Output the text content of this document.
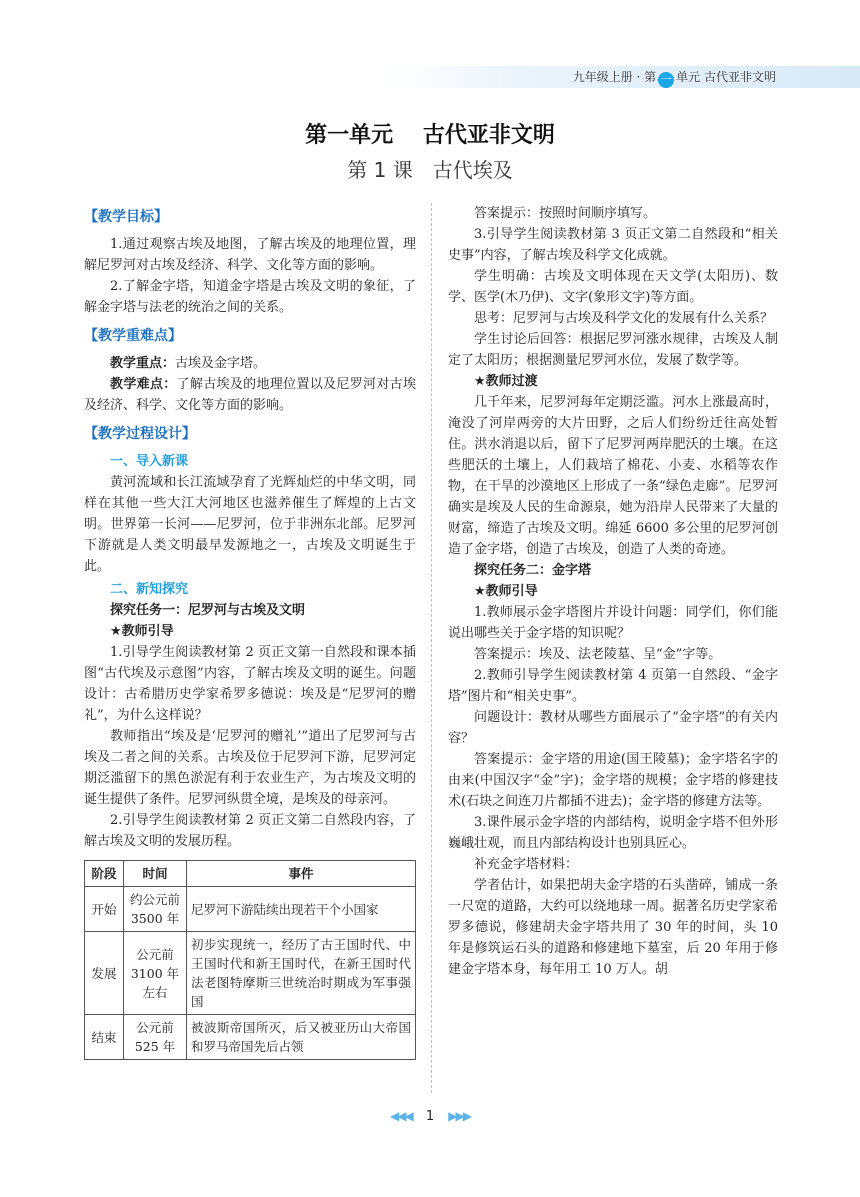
九年级上册 · 第 一 单元 古代亚非文明
第一单元　 古代亚非文明
第 1 课　古代埃及
【教学目标】

1.通过观察古埃及地图，了解古埃及的地理位置，理解尼罗河对古埃及经济、科学、文化等方面的影响。

2.了解金字塔，知道金字塔是古埃及文明的象征，了解金字塔与法老的统治之间的关系。

【教学重难点】

教学重点：古埃及金字塔。

教学难点：了解古埃及的地理位置以及尼罗河对古埃及经济、科学、文化等方面的影响。

【教学过程设计】
一、导入新课

黄河流域和长江流域孕育了光辉灿烂的中华文明，同样在其他一些大江大河地区也滋养催生了辉煌的上古文明。世界第一长河——尼罗河，位于非洲东北部。尼罗河下游就是人类文明最早发源地之一，古埃及文明诞生于此。

二、新知探究
探究任务一：尼罗河与古埃及文明
★教师引导

1.引导学生阅读教材第 2 页正文第一自然段和课本插图“古代埃及示意图”内容，了解古埃及文明的诞生。问题设计：古希腊历史学家希罗多德说：埃及是“尼罗河的赠礼”，为什么这样说？

教师指出“埃及是‘尼罗河的赠礼’”道出了尼罗河与古埃及二者之间的关系。古埃及位于尼罗河下游，尼罗河定期泛滥留下的黑色淤泥有利于农业生产，为古埃及文明的诞生提供了条件。尼罗河纵贯全境，是埃及的母亲河。

2.引导学生阅读教材第 2 页正文第二自然段内容，了解古埃及文明的发展历程。

阶段	时间	事件
开始	约公元前3500 年	尼罗河下游陆续出现若干个小国家
发展	公元前3100 年左右	初步实现统一，经历了古王国时代、中王国时代和新王国时代，在新王国时代法老图特摩斯三世统治时期成为军事强国
结束	公元前525 年	被波斯帝国所灭，后又被亚历山大帝国和罗马帝国先后占领

答案提示：按照时间顺序填写。

3.引导学生阅读教材第 3 页正文第二自然段和“相关史事”内容，了解古埃及科学文化成就。

学生明确：古埃及文明体现在天文学(太阳历)、数学、医学(木乃伊)、文字(象形文字)等方面。

思考：尼罗河与古埃及科学文化的发展有什么关系？

学生讨论后回答：根据尼罗河涨水规律，古埃及人制定了太阳历；根据测量尼罗河水位，发展了数学等。

★教师过渡

几千年来，尼罗河每年定期泛滥。河水上涨最高时，淹没了河岸两旁的大片田野，之后人们纷纷迁往高处暂住。洪水消退以后，留下了尼罗河两岸肥沃的土壤。在这些肥沃的土壤上，人们栽培了棉花、小麦、水稻等农作物，在干旱的沙漠地区上形成了一条“绿色走廊”。尼罗河确实是埃及人民的生命源泉，她为沿岸人民带来了大量的财富，缔造了古埃及文明。绵延 6600 多公里的尼罗河创造了金字塔，创造了古埃及，创造了人类的奇迹。

探究任务二：金字塔
★教师引导

1.教师展示金字塔图片并设计问题：同学们，你们能说出哪些关于金字塔的知识呢？

答案提示：埃及、法老陵墓、呈“金”字等。

2.教师引导学生阅读教材第 4 页第一自然段、“金字塔”图片和“相关史事”。

问题设计：教材从哪些方面展示了“金字塔”的有关内容？

答案提示：金字塔的用途(国王陵墓)；金字塔名字的由来(中国汉字“金”字)；金字塔的规模；金字塔的修建技术(石块之间连刀片都插不进去)；金字塔的修建方法等。

3.课件展示金字塔的内部结构，说明金字塔不但外形巍峨壮观，而且内部结构设计也别具匠心。

补充金字塔材料：

学者估计，如果把胡夫金字塔的石头凿碎，铺成一条一尺宽的道路，大约可以绕地球一周。据著名历史学家希罗多德说，修建胡夫金字塔共用了 30 年的时间，头 10 年是修筑运石头的道路和修建地下墓室，后 20 年用于修建金字塔本身，每年用工 10 万人。胡

◀◀◀ 1 ▶▶▶
